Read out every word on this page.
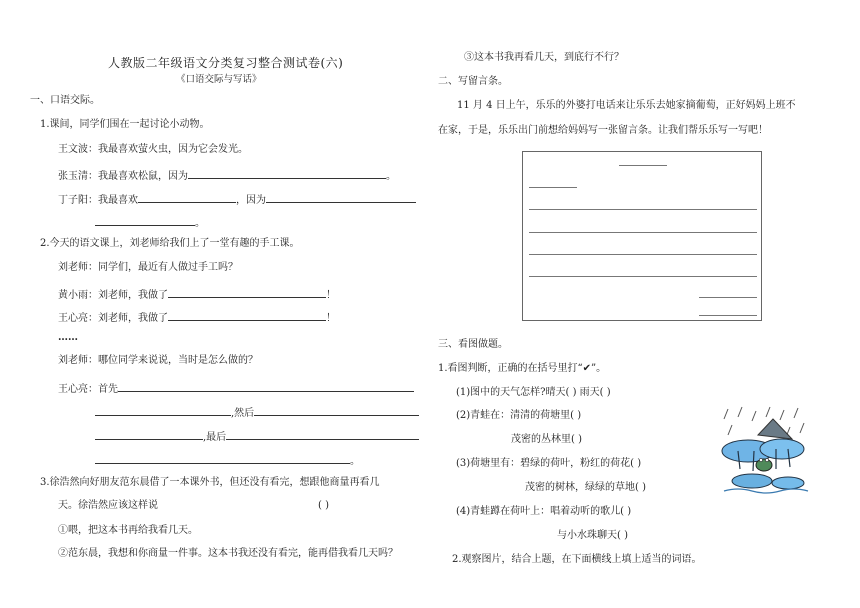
人教版二年级语文分类复习整合测试卷(六)
《口语交际与写话》
一、口语交际。
1.课间，同学们围在一起讨论小动物。
王文波：我最喜欢萤火虫，因为它会发光。
张玉清：我最喜欢松鼠，因为	。
丁子阳：我最喜欢	，因为
。
2.今天的语文课上，刘老师给我们上了一堂有趣的手工课。
刘老师：同学们，最近有人做过手工吗？
黄小雨：刘老师，我做了	！
王心亮：刘老师，我做了	！
……
刘老师：哪位同学来说说，当时是怎么做的？
王心亮：首先
,然后
,最后
。
3.徐浩然向好朋友范东晨借了一本课外书，但还没有看完，想跟他商量再看几
天。徐浩然应该这样说	( )
①喂，把这本书再给我看几天。
②范东晨，我想和你商量一件事。这本书我还没有看完，能再借我看几天吗？
③这本书我再看几天，到底行不行？
二、写留言条。
11 月 4 日上午，乐乐的外婆打电话来让乐乐去她家摘葡萄，正好妈妈上班不
在家，于是，乐乐出门前想给妈妈写一张留言条。让我们帮乐乐写一写吧！
三、看图做题。
1.看图判断，正确的在括号里打“✔”。
(1)图中的天气怎样?晴天( ) 雨天( )
(2)青蛙在：清清的荷塘里( )
茂密的丛林里( )
(3)荷塘里有：碧绿的荷叶，粉红的荷花( )
茂密的树林，绿绿的草地( )
(4)青蛙蹲在荷叶上：唱着动听的歌儿( )
与小水珠聊天( )
2.观察图片，结合上题，在下面横线上填上适当的词语。
